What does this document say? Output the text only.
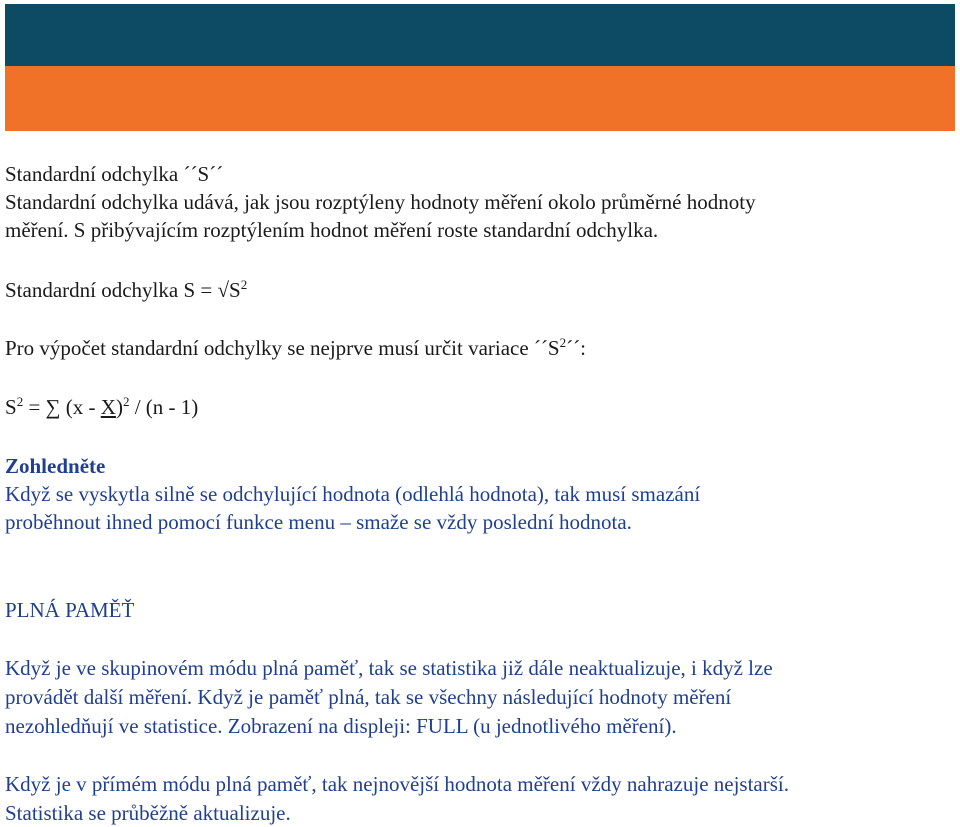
Standardní odchylka ´´S´´
Standardní odchylka udává, jak jsou rozptýleny hodnoty měření okolo průměrné hodnoty
měření. S přibývajícím rozptýlením hodnot měření roste standardní odchylka.
Standardní odchylka $S = √S^2$
Pro výpočet standardní odchylky se nejprve musí určit variace $´´S^2´´$:
$S^2$ = ∑ (x - X)$^2$ / (n - 1)
Zohledněte
Když se vyskytla silně se odchylující hodnota (odlehlá hodnota), tak musí smazání
proběhnout ihned pomocí funkce menu – smaže se vždy poslední hodnota.
PLNÁ PAMĚŤ
Když je ve skupinovém módu plná paměť, tak se statistika již dále neaktualizuje, i když lze
provádět další měření. Když je paměť plná, tak se všechny následující hodnoty měření
nezohledňují ve statistice. Zobrazení na displeji: FULL (u jednotlivého měření).
Když je v přímém módu plná paměť, tak nejnovější hodnota měření vždy nahrazuje nejstarší.
Statistika se průběžně aktualizuje.
